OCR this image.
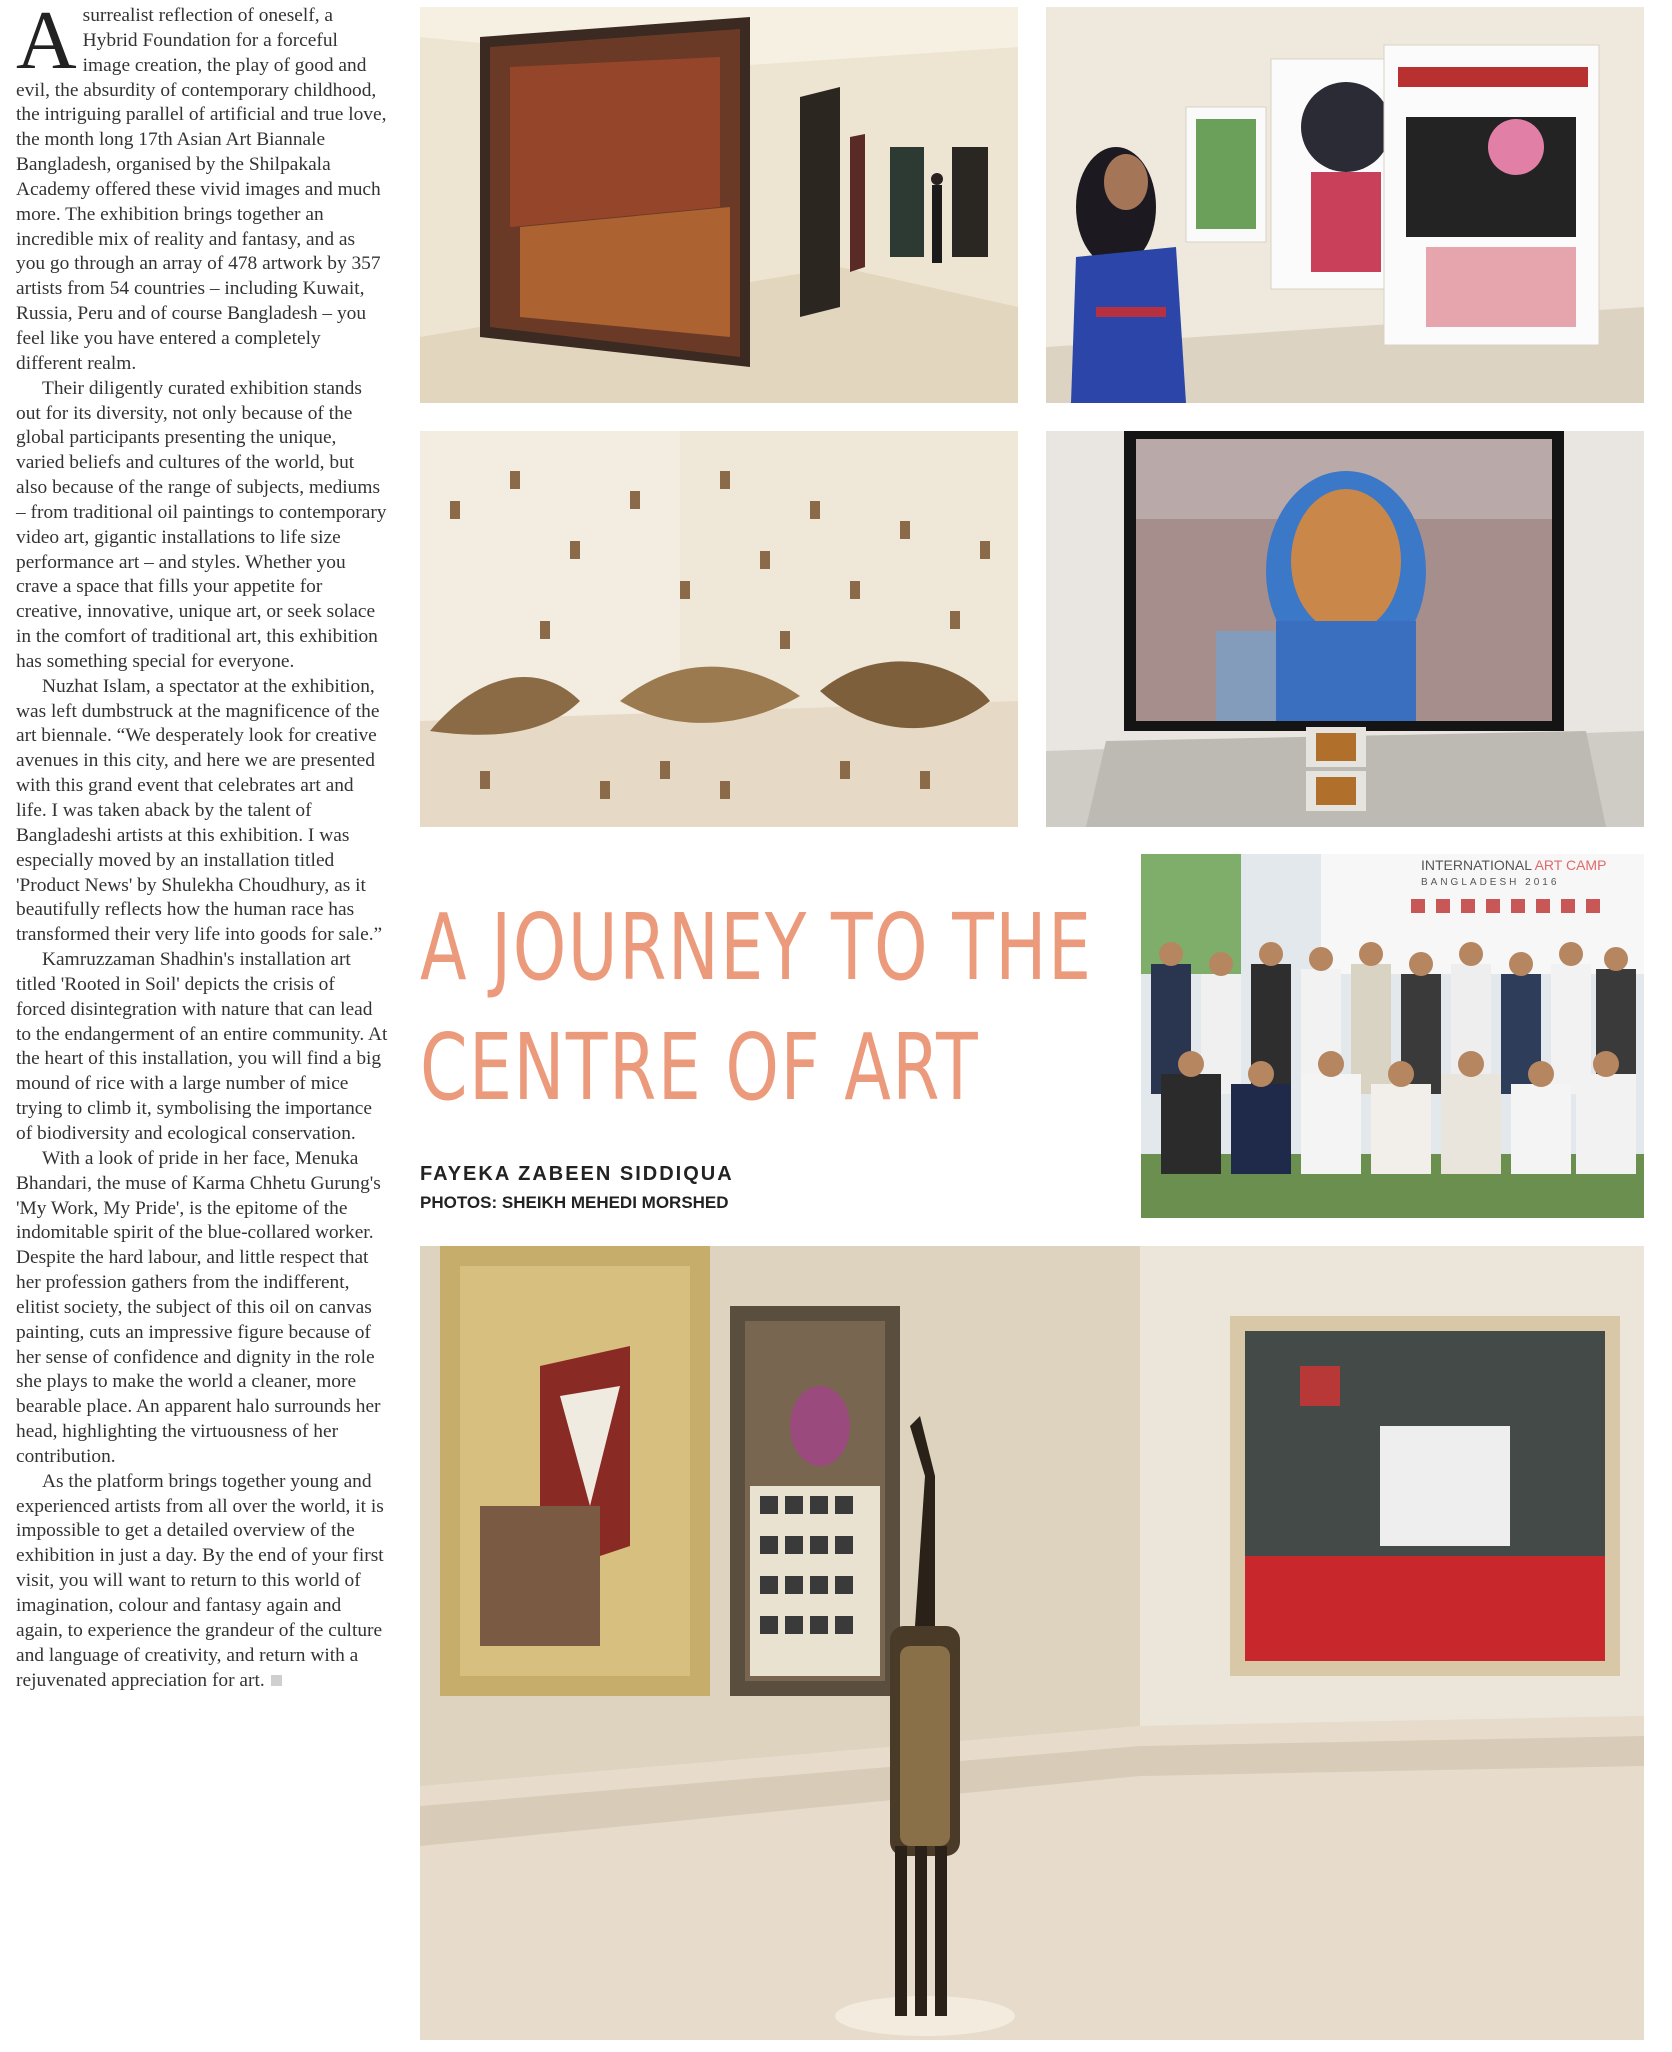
A surrealist reflection of oneself, a Hybrid Foundation for a forceful image creation, the play of good and evil, the absurdity of contemporary childhood, the intriguing parallel of artificial and true love, the month long 17th Asian Art Biannale Bangladesh, organised by the Shilpakala Academy offered these vivid images and much more. The exhibition brings together an incredible mix of reality and fantasy, and as you go through an array of 478 artwork by 357 artists from 54 countries – including Kuwait, Russia, Peru and of course Bangladesh – you feel like you have entered a completely different realm.

Their diligently curated exhibition stands out for its diversity, not only because of the global participants presenting the unique, varied beliefs and cultures of the world, but also because of the range of subjects, mediums – from traditional oil paintings to contemporary video art, gigantic installations to life size performance art – and styles. Whether you crave a space that fills your appetite for creative, innovative, unique art, or seek solace in the comfort of traditional art, this exhibition has something special for everyone.

Nuzhat Islam, a spectator at the exhibition, was left dumbstruck at the magnificence of the art biennale. “We desperately look for creative avenues in this city, and here we are presented with this grand event that celebrates art and life. I was taken aback by the talent of Bangladeshi artists at this exhibition. I was especially moved by an installation titled 'Product News' by Shulekha Choudhury, as it beautifully reflects how the human race has transformed their very life into goods for sale.”

Kamruzzaman Shadhin's installation art titled 'Rooted in Soil' depicts the crisis of forced disintegration with nature that can lead to the endangerment of an entire community. At the heart of this installation, you will find a big mound of rice with a large number of mice trying to climb it, symbolising the importance of biodiversity and ecological conservation.

With a look of pride in her face, Menuka Bhandari, the muse of Karma Chhetu Gurung's 'My Work, My Pride', is the epitome of the indomitable spirit of the blue-collared worker. Despite the hard labour, and little respect that her profession gathers from the indifferent, elitist society, the subject of this oil on canvas painting, cuts an impressive figure because of her sense of confidence and dignity in the role she plays to make the world a cleaner, more bearable place. An apparent halo surrounds her head, highlighting the virtuousness of her contribution.

As the platform brings together young and experienced artists from all over the world, it is impossible to get a detailed overview of the exhibition in just a day. By the end of your first visit, you will want to return to this world of imagination, colour and fantasy again and again, to experience the grandeur of the culture and language of creativity, and return with a rejuvenated appreciation for art.

A JOURNEY TO THE
CENTRE OF ART
FAYEKA ZABEEN SIDDIQUA
PHOTOS: SHEIKH MEHEDI MORSHED
INTERNATIONAL ART CAMP
BANGLADESH 2016
